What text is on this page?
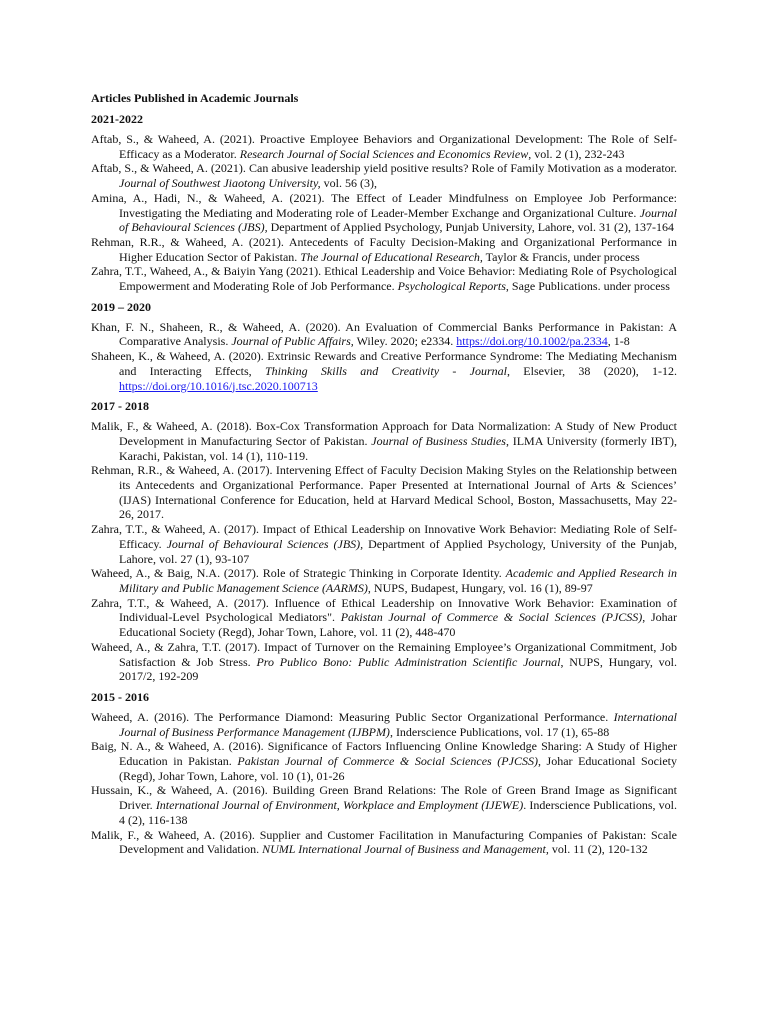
Articles Published in Academic Journals
2021-2022
Aftab, S., & Waheed, A. (2021). Proactive Employee Behaviors and Organizational Development: The Role of Self-Efficacy as a Moderator. Research Journal of Social Sciences and Economics Review, vol. 2 (1), 232-243
Aftab, S., & Waheed, A. (2021). Can abusive leadership yield positive results? Role of Family Motivation as a moderator. Journal of Southwest Jiaotong University, vol. 56 (3),
Amina, A., Hadi, N., & Waheed, A. (2021). The Effect of Leader Mindfulness on Employee Job Performance: Investigating the Mediating and Moderating role of Leader-Member Exchange and Organizational Culture. Journal of Behavioural Sciences (JBS), Department of Applied Psychology, Punjab University, Lahore, vol. 31 (2), 137-164
Rehman, R.R., & Waheed, A. (2021). Antecedents of Faculty Decision-Making and Organizational Performance in Higher Education Sector of Pakistan. The Journal of Educational Research, Taylor & Francis, under process
Zahra, T.T., Waheed, A., & Baiyin Yang (2021). Ethical Leadership and Voice Behavior: Mediating Role of Psychological Empowerment and Moderating Role of Job Performance. Psychological Reports, Sage Publications. under process
2019 – 2020
Khan, F. N., Shaheen, R., & Waheed, A. (2020). An Evaluation of Commercial Banks Performance in Pakistan: A Comparative Analysis. Journal of Public Affairs, Wiley. 2020; e2334. https://doi.org/10.1002/pa.2334, 1-8
Shaheen, K., & Waheed, A. (2020). Extrinsic Rewards and Creative Performance Syndrome: The Mediating Mechanism and Interacting Effects, Thinking Skills and Creativity - Journal, Elsevier, 38 (2020), 1-12. https://doi.org/10.1016/j.tsc.2020.100713
2017 - 2018
Malik, F., & Waheed, A. (2018). Box-Cox Transformation Approach for Data Normalization: A Study of New Product Development in Manufacturing Sector of Pakistan. Journal of Business Studies, ILMA University (formerly IBT), Karachi, Pakistan, vol. 14 (1), 110-119.
Rehman, R.R., & Waheed, A. (2017). Intervening Effect of Faculty Decision Making Styles on the Relationship between its Antecedents and Organizational Performance. Paper Presented at International Journal of Arts & Sciences’ (IJAS) International Conference for Education, held at Harvard Medical School, Boston, Massachusetts, May 22-26, 2017.
Zahra, T.T., & Waheed, A. (2017). Impact of Ethical Leadership on Innovative Work Behavior: Mediating Role of Self-Efficacy. Journal of Behavioural Sciences (JBS), Department of Applied Psychology, University of the Punjab, Lahore, vol. 27 (1), 93-107
Waheed, A., & Baig, N.A. (2017). Role of Strategic Thinking in Corporate Identity. Academic and Applied Research in Military and Public Management Science (AARMS), NUPS, Budapest, Hungary, vol. 16 (1), 89-97
Zahra, T.T., & Waheed, A. (2017). Influence of Ethical Leadership on Innovative Work Behavior: Examination of Individual-Level Psychological Mediators". Pakistan Journal of Commerce & Social Sciences (PJCSS), Johar Educational Society (Regd), Johar Town, Lahore, vol. 11 (2), 448-470
Waheed, A., & Zahra, T.T. (2017). Impact of Turnover on the Remaining Employee’s Organizational Commitment, Job Satisfaction & Job Stress. Pro Publico Bono: Public Administration Scientific Journal, NUPS, Hungary, vol. 2017/2, 192-209
2015 - 2016
Waheed, A. (2016). The Performance Diamond: Measuring Public Sector Organizational Performance. International Journal of Business Performance Management (IJBPM), Inderscience Publications, vol. 17 (1), 65-88
Baig, N. A., & Waheed, A. (2016). Significance of Factors Influencing Online Knowledge Sharing: A Study of Higher Education in Pakistan. Pakistan Journal of Commerce & Social Sciences (PJCSS), Johar Educational Society (Regd), Johar Town, Lahore, vol. 10 (1), 01-26
Hussain, K., & Waheed, A. (2016). Building Green Brand Relations: The Role of Green Brand Image as Significant Driver. International Journal of Environment, Workplace and Employment (IJEWE). Inderscience Publications, vol. 4 (2), 116-138
Malik, F., & Waheed, A. (2016). Supplier and Customer Facilitation in Manufacturing Companies of Pakistan: Scale Development and Validation. NUML International Journal of Business and Management, vol. 11 (2), 120-132
